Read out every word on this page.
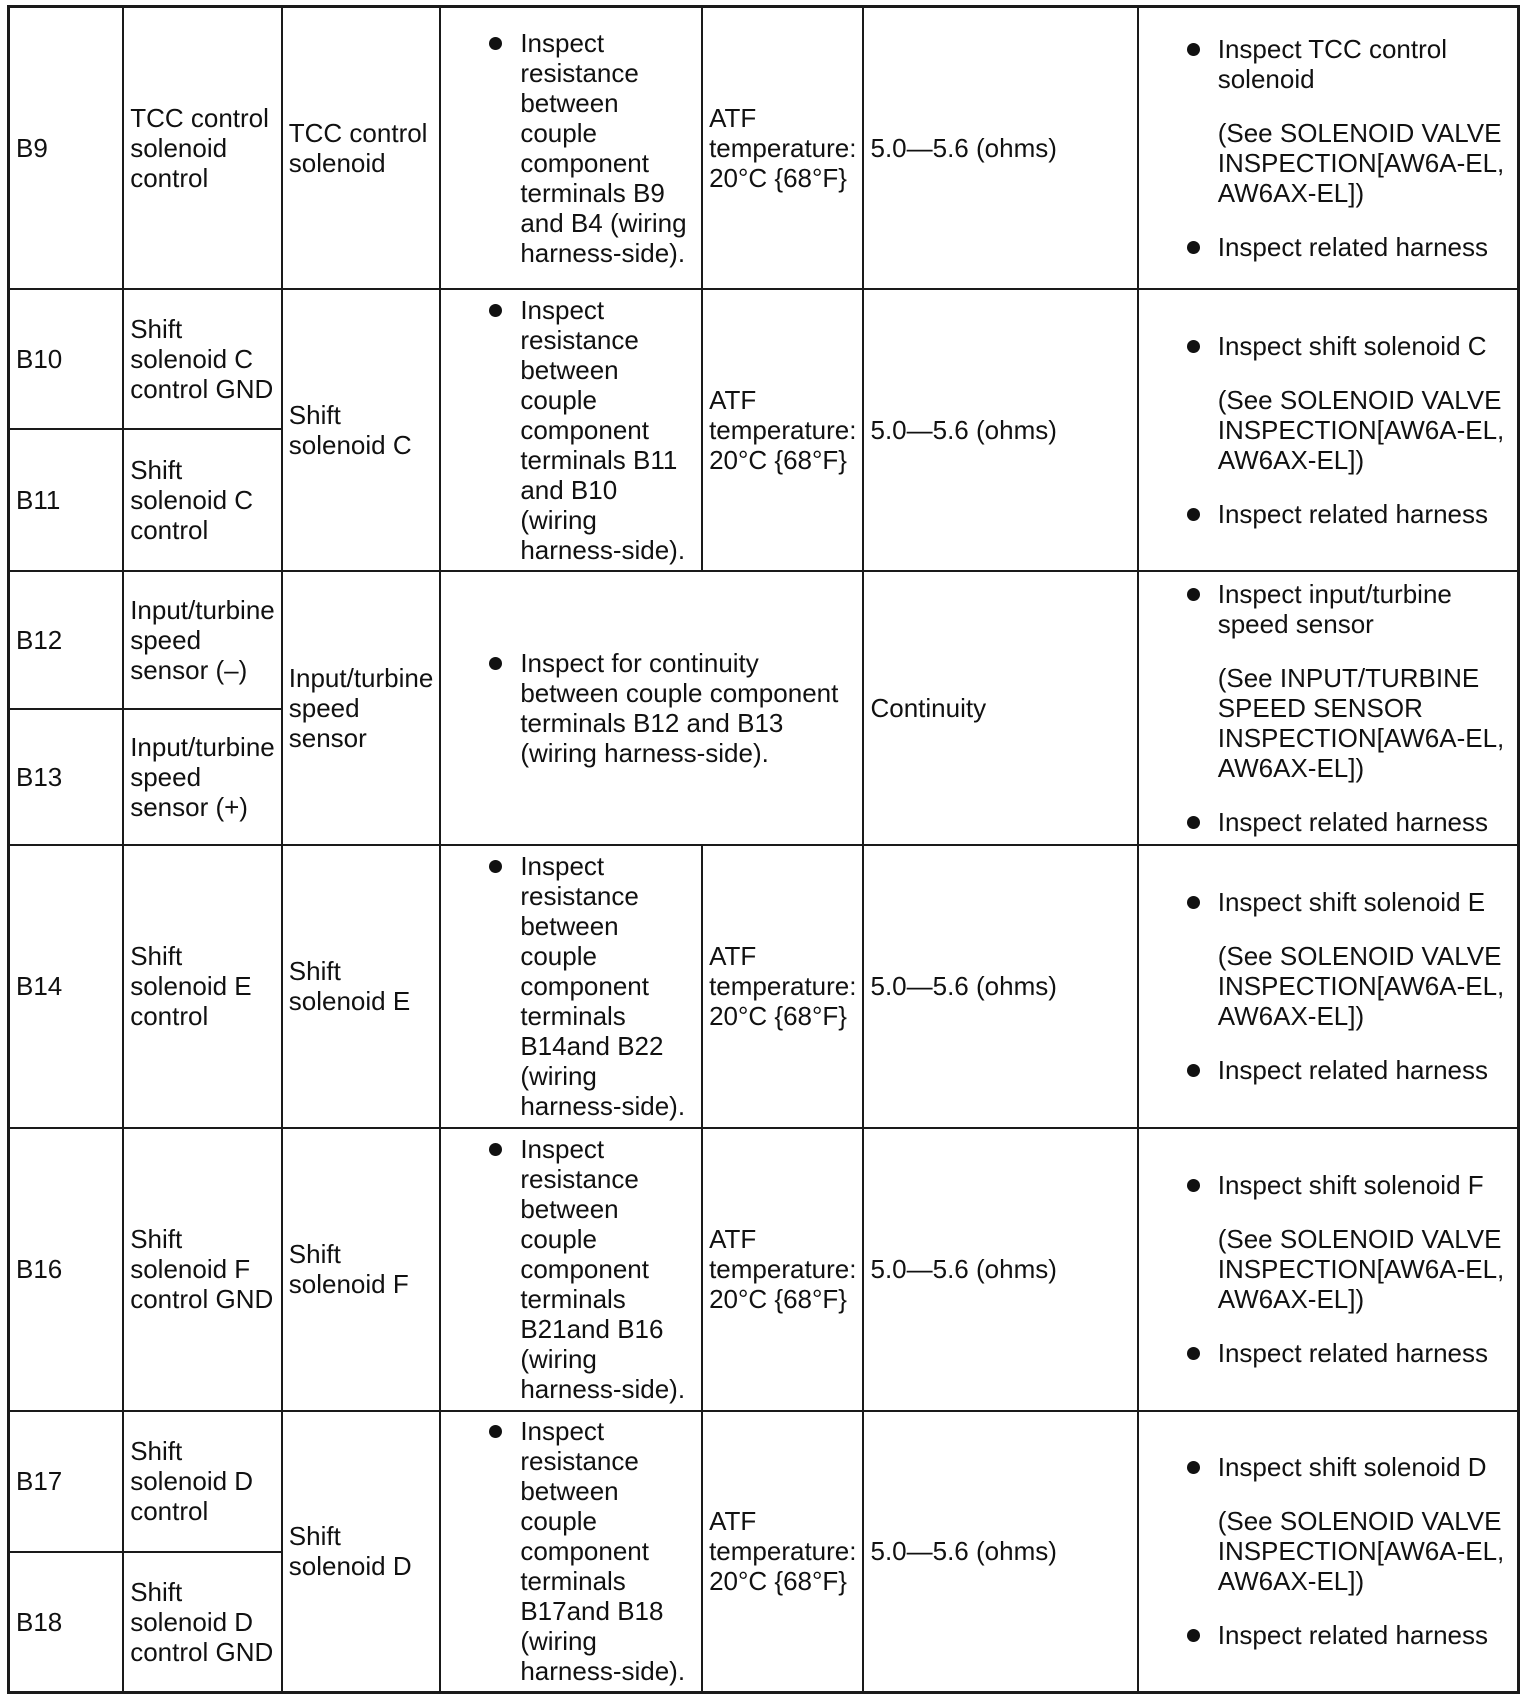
B9	TCC control solenoid control	TCC control solenoid	Inspect resistance between couple component terminals B9 and B4 (wiring harness-side).	ATF temperature: 20°C {68°F}	5.0—5.6 (ohms)	Inspect TCC control solenoid
(See SOLENOID VALVE INSPECTION[AW6A-EL, AW6AX-EL])
Inspect related harness

B10	Shift solenoid C control GND	Shift solenoid C	Inspect resistance between couple component terminals B11 and B10 (wiring harness-side).	ATF temperature: 20°C {68°F}	5.0—5.6 (ohms)	Inspect shift solenoid C
(See SOLENOID VALVE INSPECTION[AW6A-EL, AW6AX-EL])
Inspect related harness

B11	Shift solenoid C control					
B12	Input/turbine speed sensor (–)	Input/turbine speed sensor	Inspect for continuity between couple component terminals B12 and B13 (wiring harness-side).		Continuity	Inspect input/turbine speed sensor
(See INPUT/TURBINE SPEED SENSOR INSPECTION[AW6A-EL, AW6AX-EL])
Inspect related harness

B13	Input/turbine speed sensor (+)					
B14	Shift solenoid E control	Shift solenoid E	Inspect resistance between couple component terminals B14and B22 (wiring harness-side).	ATF temperature: 20°C {68°F}	5.0—5.6 (ohms)	Inspect shift solenoid E
(See SOLENOID VALVE INSPECTION[AW6A-EL, AW6AX-EL])
Inspect related harness

B16	Shift solenoid F control GND	Shift solenoid F	Inspect resistance between couple component terminals B21and B16 (wiring harness-side).	ATF temperature: 20°C {68°F}	5.0—5.6 (ohms)	Inspect shift solenoid F
(See SOLENOID VALVE INSPECTION[AW6A-EL, AW6AX-EL])
Inspect related harness

B17	Shift solenoid D control	Shift solenoid D	Inspect resistance between couple component terminals B17and B18 (wiring harness-side).	ATF temperature: 20°C {68°F}	5.0—5.6 (ohms)	Inspect shift solenoid D
(See SOLENOID VALVE INSPECTION[AW6A-EL, AW6AX-EL])
Inspect related harness

B18	Shift solenoid D control GND					
